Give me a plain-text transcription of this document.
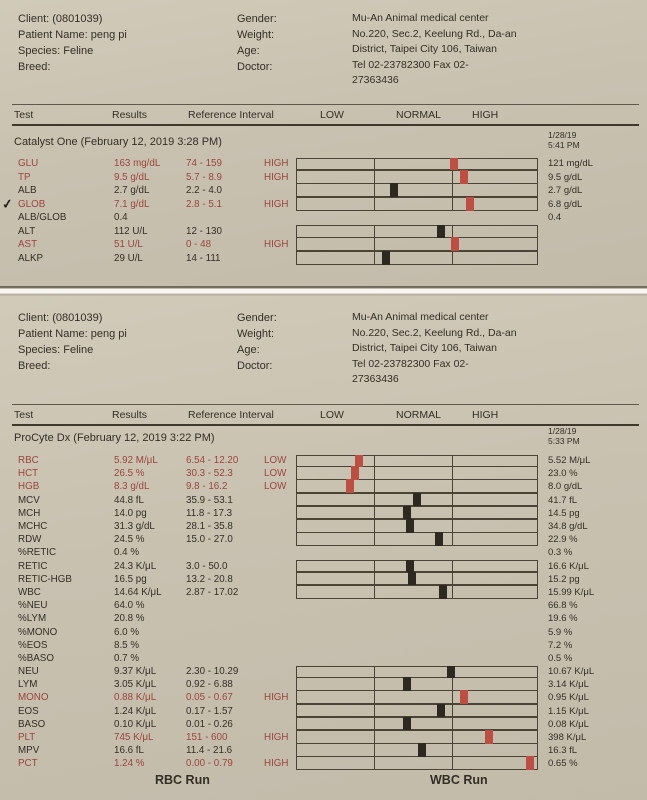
Client: (0801039)
Patient Name: peng pi
Species: Feline
Breed:
Gender:
Weight:
Age:
Doctor:
Mu-An Animal medical center
No.220, Sec.2, Keelung Rd., Da-an
District, Taipei City 106, Taiwan
Tel 02-23782300 Fax 02-
27363436
Test	Results	Reference Interval	LOW	NORMAL	HIGH
Catalyst One (February 12, 2019 3:28 PM)
1/28/19
5:41 PM
GLU	163 mg/dL	74 - 159	HIGH	121 mg/dL
TP	9.5 g/dL	5.7 - 8.9	HIGH	9.5 g/dL
ALB	2.7 g/dL	2.2 - 4.0	2.7 g/dL
✓ GLOB	7.1 g/dL	2.8 - 5.1	HIGH	6.8 g/dL
ALB/GLOB	0.4	0.4
ALT	112 U/L	12 - 130
AST	51 U/L	0 - 48	HIGH
ALKP	29 U/L	14 - 111
Client: (0801039)
Patient Name: peng pi
Species: Feline
Breed:
Gender:
Weight:
Age:
Doctor:
Mu-An Animal medical center
No.220, Sec.2, Keelung Rd., Da-an
District, Taipei City 106, Taiwan
Tel 02-23782300 Fax 02-
27363436
Test	Results	Reference Interval	LOW	NORMAL	HIGH
ProCyte Dx (February 12, 2019 3:22 PM)
1/28/19
5:33 PM
RBC	5.92 M/μL	6.54 - 12.20	LOW	5.52 M/μL
HCT	26.5 %	30.3 - 52.3	LOW	23.0 %
HGB	8.3 g/dL	9.8 - 16.2	LOW	8.0 g/dL
MCV	44.8 fL	35.9 - 53.1	41.7 fL
MCH	14.0 pg	11.8 - 17.3	14.5 pg
MCHC	31.3 g/dL	28.1 - 35.8	34.8 g/dL
RDW	24.5 %	15.0 - 27.0	22.9 %
%RETIC	0.4 %	0.3 %
RETIC	24.3 K/μL	3.0 - 50.0	16.6 K/μL
RETIC-HGB	16.5 pg	13.2 - 20.8	15.2 pg
WBC	14.64 K/μL	2.87 - 17.02	15.99 K/μL
%NEU	64.0 %	66.8 %
%LYM	20.8 %	19.6 %
%MONO	6.0 %	5.9 %
%EOS	8.5 %	7.2 %
%BASO	0.7 %	0.5 %
NEU	9.37 K/μL	2.30 - 10.29	10.67 K/μL
LYM	3.05 K/μL	0.92 - 6.88	3.14 K/μL
MONO	0.88 K/μL	0.05 - 0.67	HIGH	0.95 K/μL
EOS	1.24 K/μL	0.17 - 1.57	1.15 K/μL
BASO	0.10 K/μL	0.01 - 0.26	0.08 K/μL
PLT	745 K/μL	151 - 600	HIGH	398 K/μL
MPV	16.6 fL	11.4 - 21.6	16.3 fL
PCT	1.24 %	0.00 - 0.79	HIGH	0.65 %
RBC Run	WBC Run
